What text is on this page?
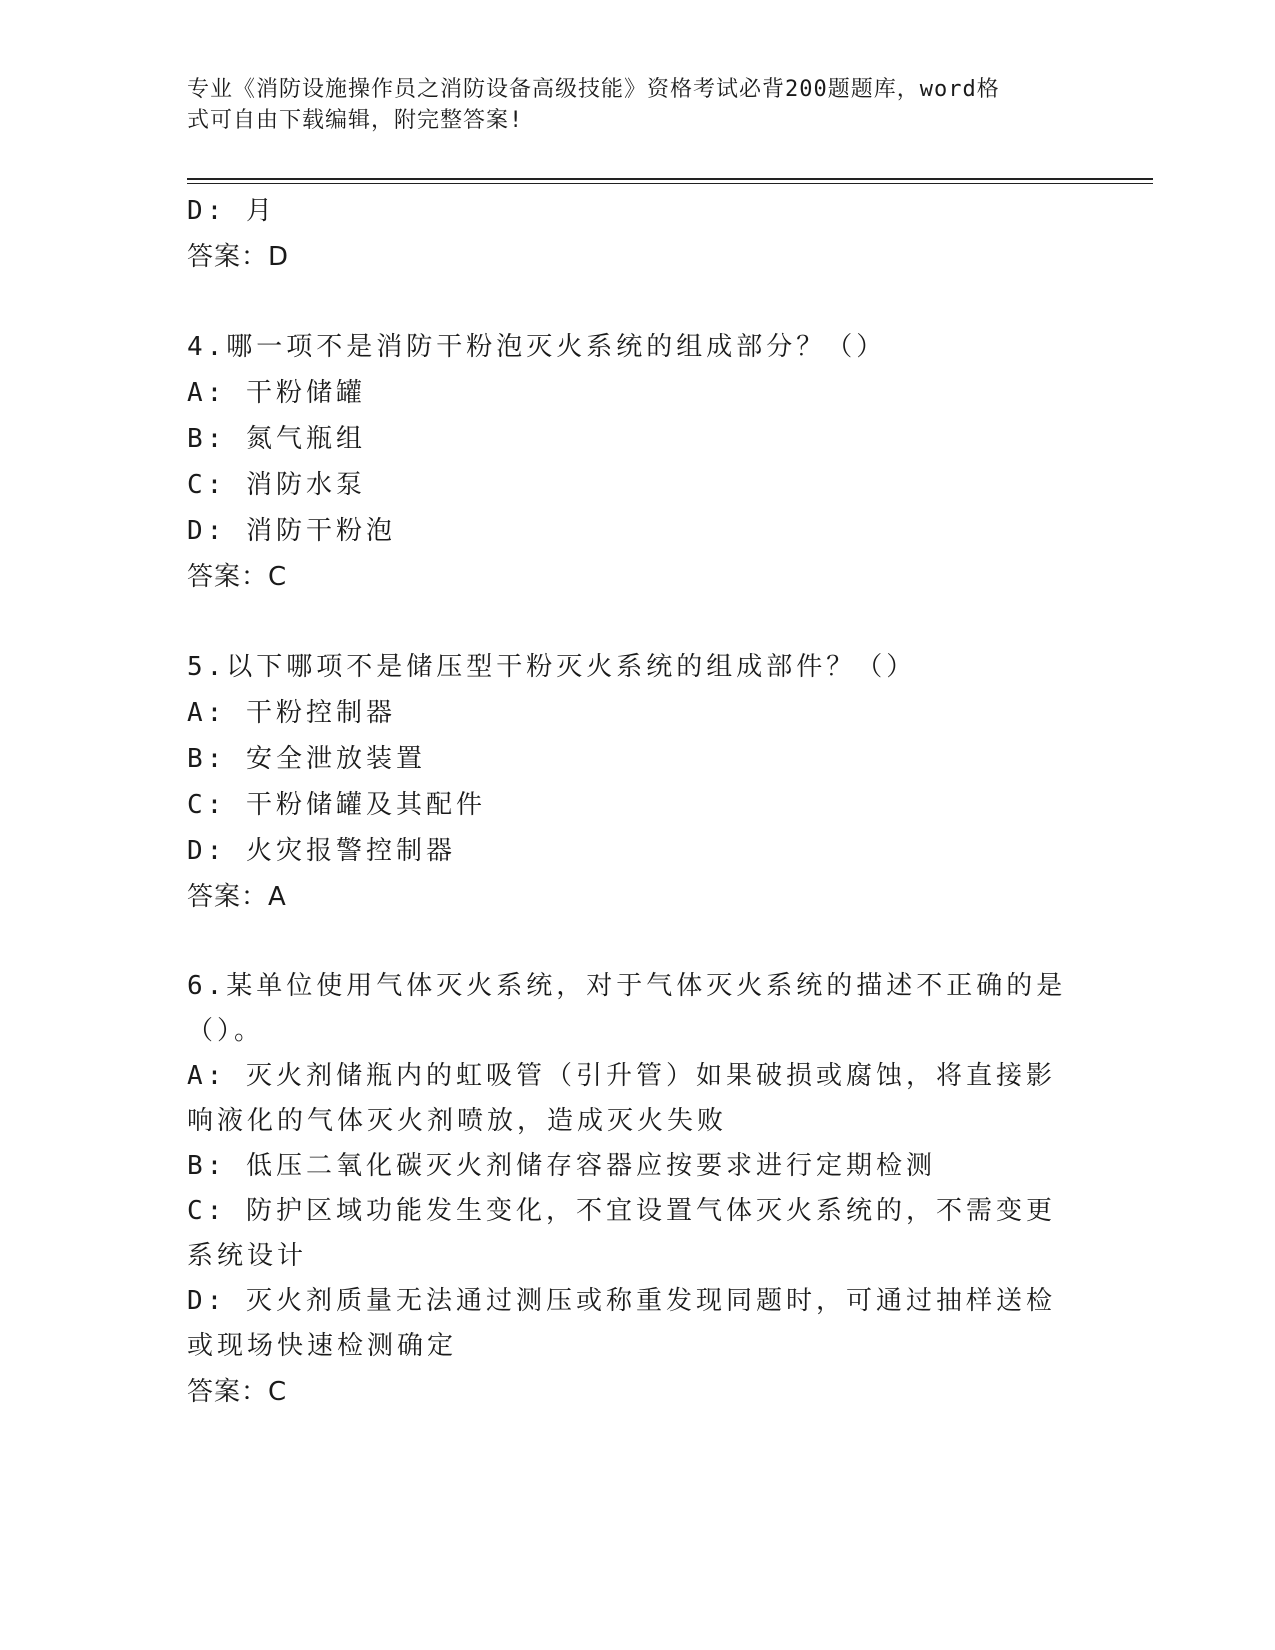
专业《消防设施操作员之消防设备高级技能》资格考试必背200题题库，word格
式可自由下载编辑，附完整答案!
D: 月
答案：D
4.哪一项不是消防干粉泡灭火系统的组成部分？（）
A: 干粉储罐
B: 氮气瓶组
C: 消防水泵
D: 消防干粉泡
答案：C
5.以下哪项不是储压型干粉灭火系统的组成部件？（）
A: 干粉控制器
B: 安全泄放装置
C: 干粉储罐及其配件
D: 火灾报警控制器
答案：A
6.某单位使用气体灭火系统，对于气体灭火系统的描述不正确的是（）。
A: 灭火剂储瓶内的虹吸管（引升管）如果破损或腐蚀，将直接影响液化的气体灭火剂喷放，造成灭火失败
B: 低压二氧化碳灭火剂储存容器应按要求进行定期检测
C: 防护区域功能发生变化，不宜设置气体灭火系统的，不需变更系统设计
D: 灭火剂质量无法通过测压或称重发现同题时，可通过抽样送检或现场快速检测确定
答案：C
